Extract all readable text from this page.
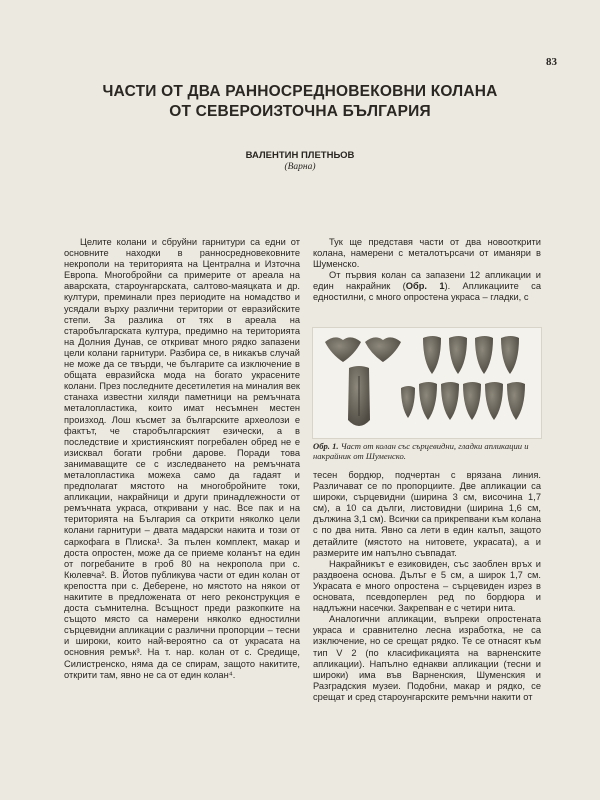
83
ЧАСТИ ОТ ДВА РАННОСРЕДНОВЕКОВНИ КОЛАНА
ОТ СЕВЕРОИЗТОЧНА БЪЛГАРИЯ
ВАЛЕНТИН ПЛЕТНЬОВ
(Варна)

Целите колани и сбруйни гарнитури са едни от основните находки в ранносредновековните некрополи на територията на Централна и Източна Европа. Многобройни са примерите от ареала на аварската, староунгарската, салтово-маяцката и др. култури, преминали през периодите на номадство и усядали върху различни територии от евразийските степи. За разлика от тях в ареала на старобългарската култура, предимно на територията на Долния Дунав, се откриват много рядко запазени цели колани гарнитури. Разбира се, в никакъв случай не може да се твърди, че българите са изключение в общата евразийска мода на богато украсените колани. През последните десетилетия на миналия век станаха известни хиляди паметници на ремъчната металопластика, които имат несъмнен местен произход. Лош късмет за българските археолози е фактът, че старобългарският езически, а в последствие и християнският погребален обред не е изисквал богати гробни дарове. Поради това занимаващите се с изследването на ремъчната металопластика можеха само да гадаят и предполагат мястото на многобройните токи, апликации, накрайници и други принадлежности от ремъчната украса, откривани у нас. Все пак и на територията на България са открити няколко цели колани гарнитури – двата мадарски накита и този от саркофага в Плиска¹. За пълен комплект, макар и доста опростен, може да се приеме коланът на един от погребаните в гроб 80 на некропола при с. Кюлевча². В. Йотов публикува части от един колан от крепостта при с. Деберене, но мястото на някои от накитите в предложената от него реконструкция е доста съмнителна. Всъщност преди разкопките на същото място са намерени няколко едностилни сърцевидни апликации с различни пропорции – тесни и широки, които най-вероятно са от украсата на основния ремък³. На т. нар. колан от с. Средище, Силистренско, няма да се спирам, защото накитите, открити там, явно не са от един колан⁴.

Тук ще представя части от два новооткрити колана, намерени с металотърсачи от иманяри в Шуменско.

От първия колан са запазени 12 апликации и един накрайник (Обр. 1). Апликациите са едностилни, с много опростена украса – гладки, с

Обр. 1. Част от колан със сърцевидни, гладки апликации и накрайник от Шуменско.

тесен бордюр, подчертан с врязана линия. Различават се по пропорциите. Две апликации са широки, сърцевидни (ширина 3 см, височина 1,7 см), а 10 са дълги, листовидни (ширина 1,6 см, дължина 3,1 см). Всички са прикрепвани към колана с по два нита. Явно са лети в един калъп, защото детайлите (мястото на нитовете, украсата), а и размерите им напълно съвпадат.

Накрайникът е езиковиден, със заоблен връх и раздвоена основа. Дълъг е 5 см, а широк 1,7 см. Украсата е много опростена – сърцевиден изрез в основата, псевдоперлен ред по бордюра и надлъжни насечки. Закрепван е с четири нита.

Аналогични апликации, въпреки опростената украса и сравнително лесна изработка, не са изключение, но се срещат рядко. Те се отнасят към тип V 2 (по класификацията на варненските апликации). Напълно еднакви апликации (тесни и широки) има във Варненския, Шуменския и Разградския музеи. Подобни, макар и рядко, се срещат и сред староунгарските ремъчни накити от
